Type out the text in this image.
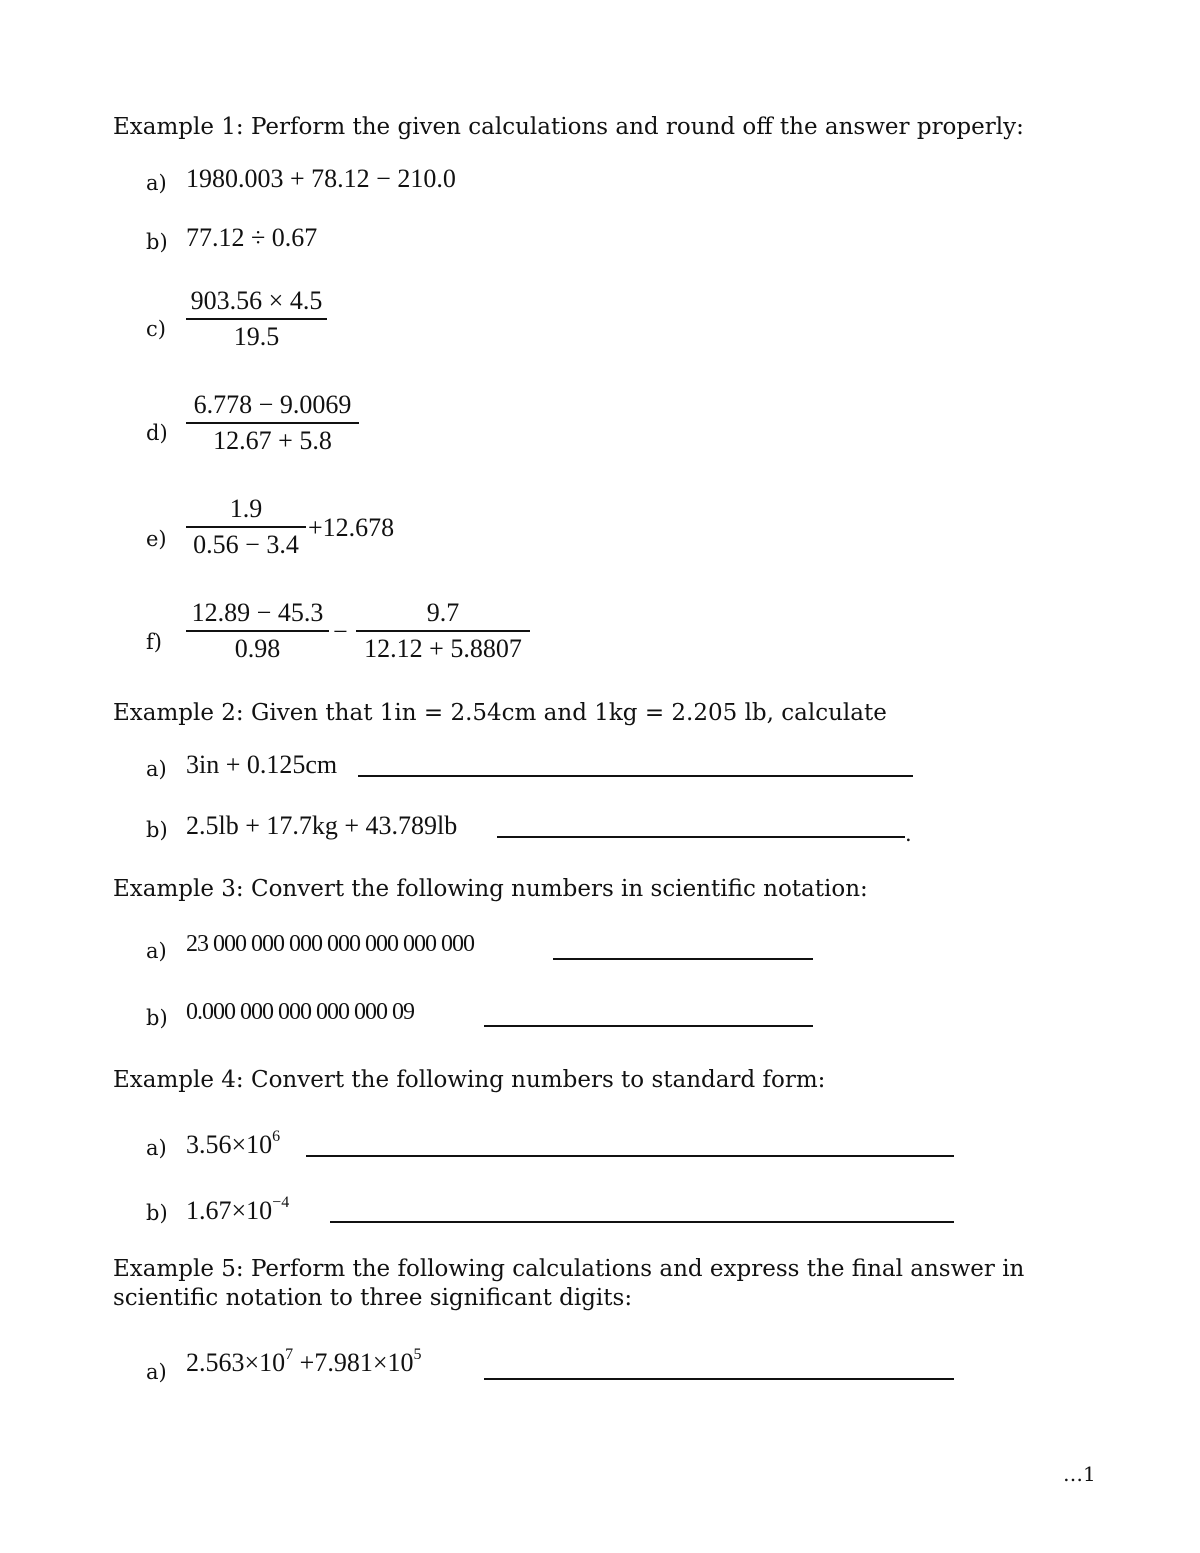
Example 1: Perform the given calculations and round off the answer properly:
a) 1980.003 + 78.12 − 210.0
b) 77.12 ÷ 0.67
c)
903.56 × 4.5
19.5
d)
6.778 − 9.0069
12.67 + 5.8
e)
1.9
0.56 − 3.4
+12.678
f)
12.89 − 45.3
0.98
−
9.7
12.12 + 5.8807
Example 2: Given that 1in = 2.54cm and 1kg = 2.205 lb, calculate
a) 3in + 0.125cm
b) 2.5lb + 17.7kg + 43.789lb	.
Example 3: Convert the following numbers in scientific notation:
a) 23 000 000 000 000 000 000 000
b) 0.000 000 000 000 000 09
Example 4: Convert the following numbers to standard form:
a) $3.56\times 10^6$
b) $1.67\times 10^{-4}$
Example 5: Perform the following calculations and express the final answer in
scientific notation to three significant digits:
a) $2.563\times 10^7 +7.981\times 10^5$
…1
